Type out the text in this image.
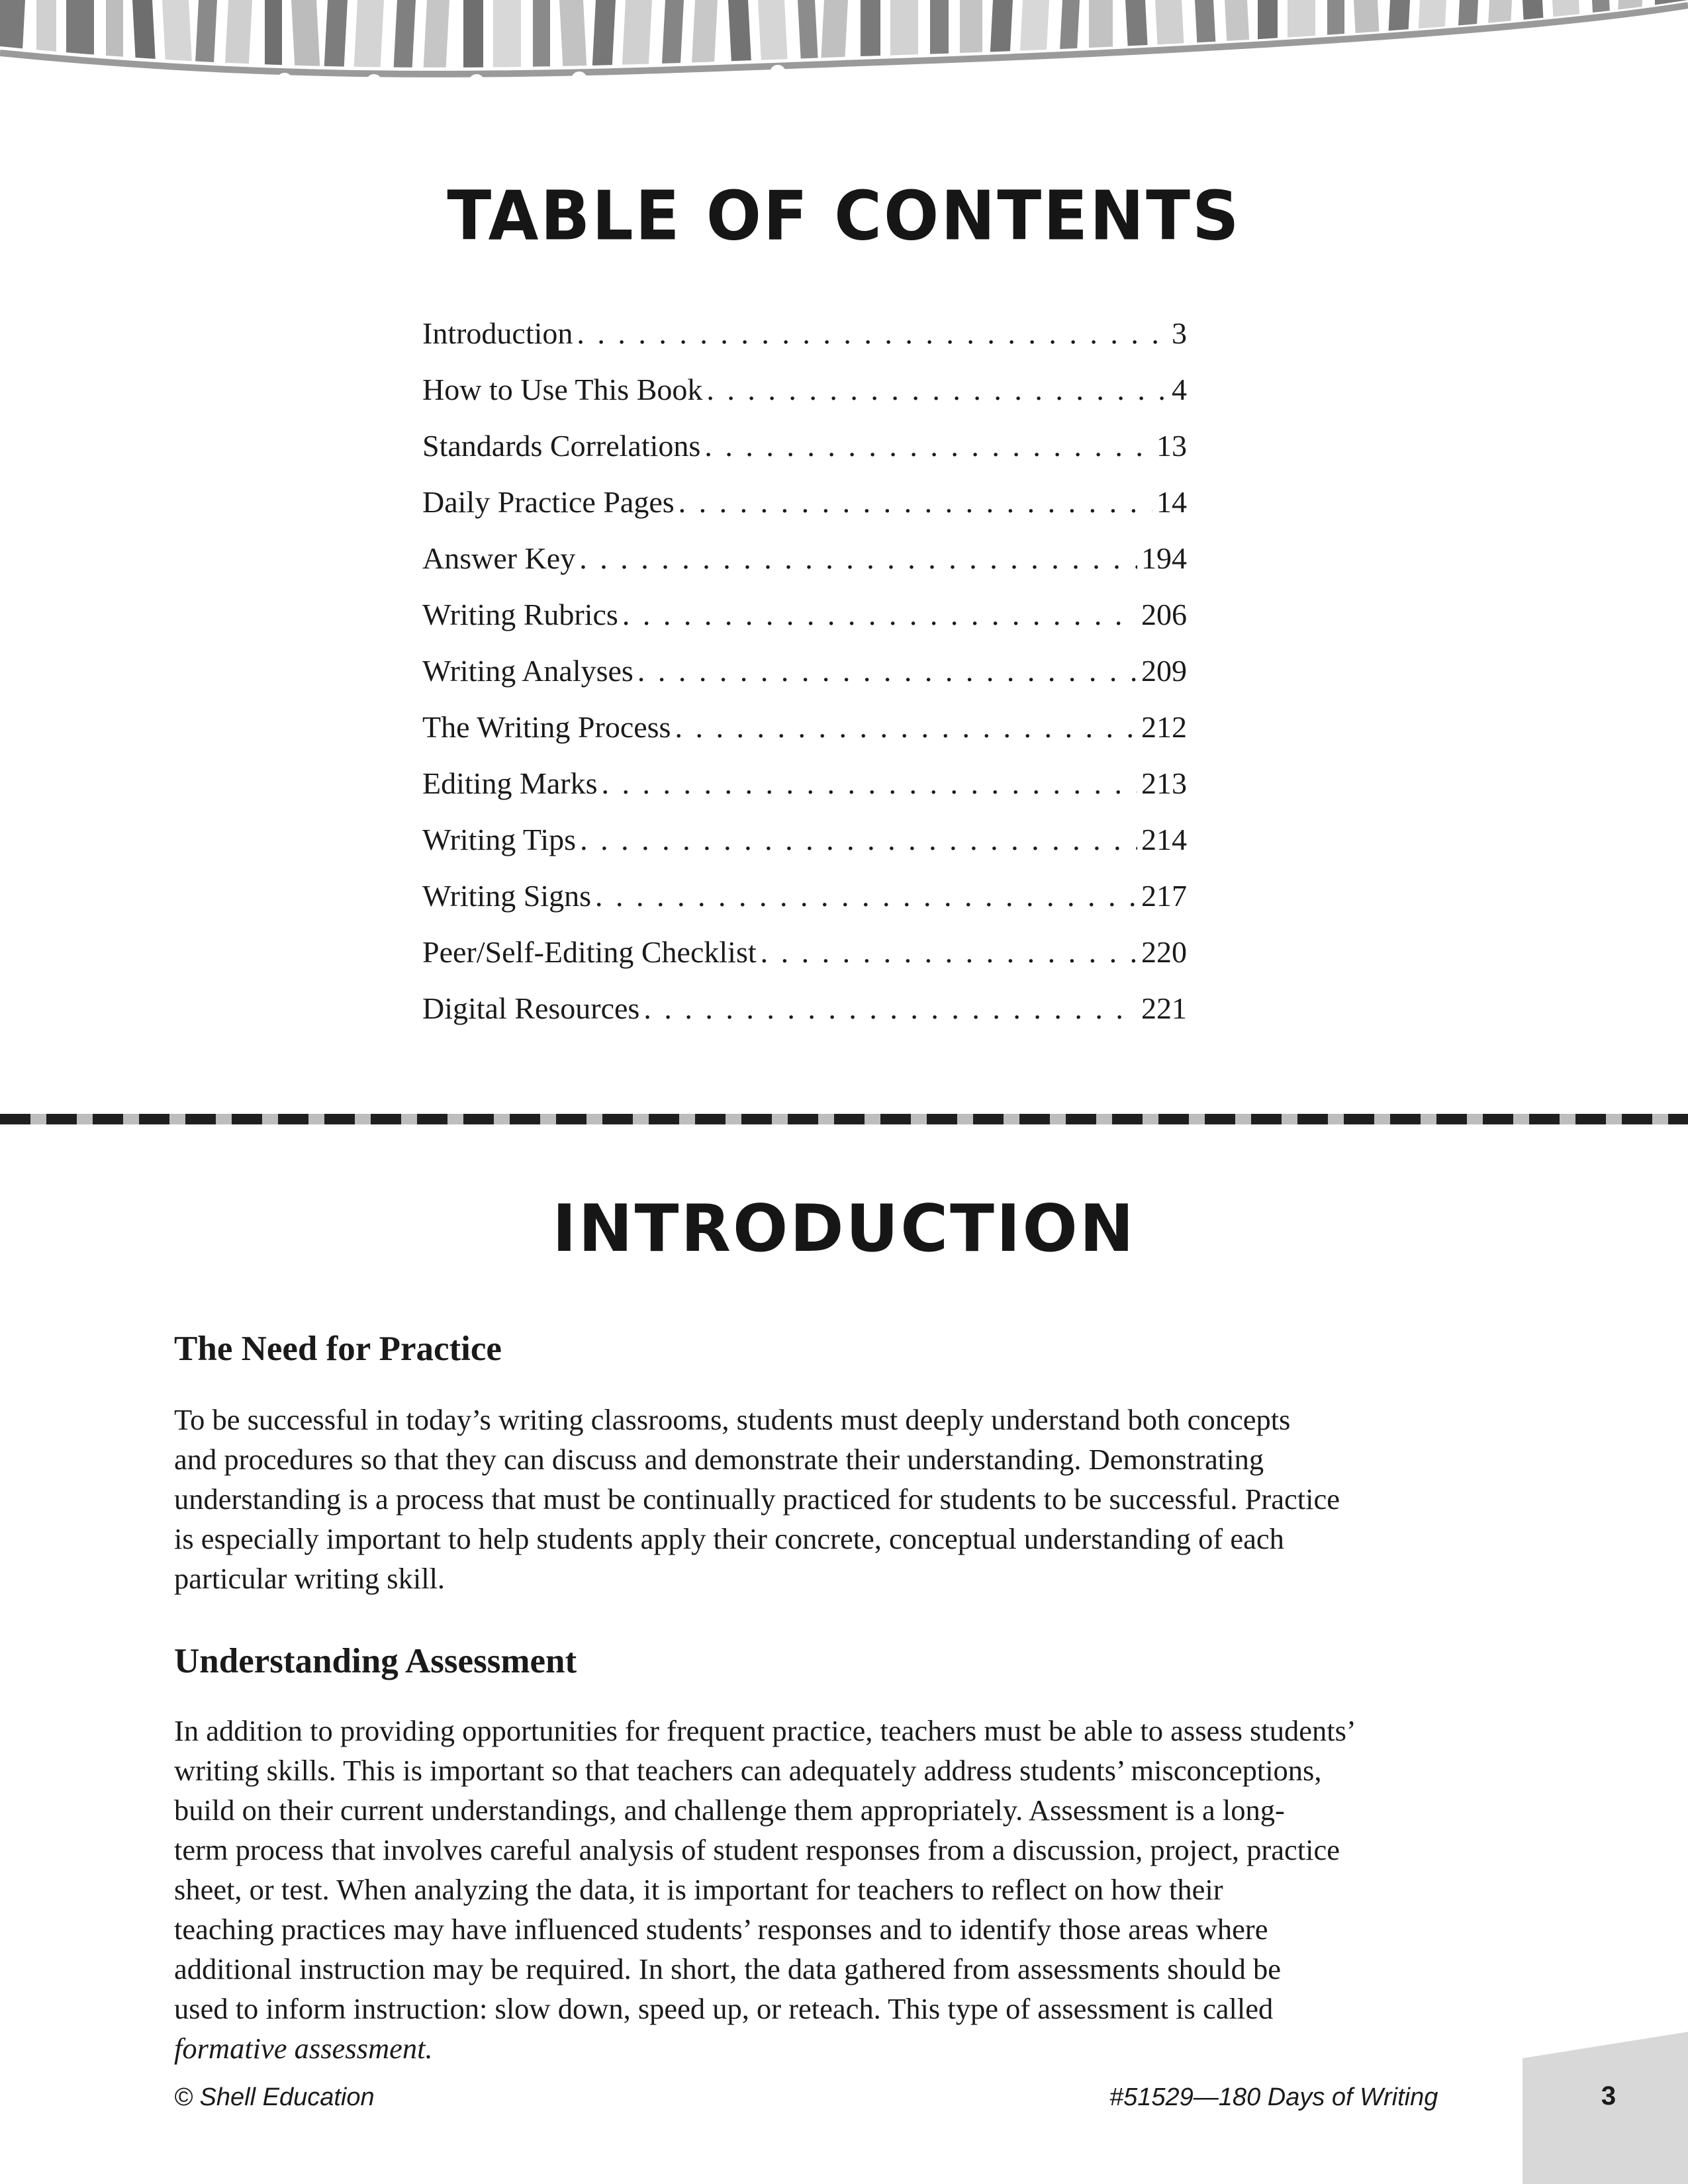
TABLE OF CONTENTS
Introduction . . .	3
How to Use This Book . . .	4
Standards Correlations . . .	13
Daily Practice Pages . . .	14
Answer Key . . .	194
Writing Rubrics . . .	206
Writing Analyses . . .	209
The Writing Process . . .	212
Editing Marks . . .	213
Writing Tips . . .	214
Writing Signs . . .	217
Peer/Self-Editing Checklist . . .	220
Digital Resources . . .	221
INTRODUCTION
The Need for Practice

To be successful in today’s writing classrooms, students must deeply understand both concepts
and procedures so that they can discuss and demonstrate their understanding. Demonstrating
understanding is a process that must be continually practiced for students to be successful. Practice
is especially important to help students apply their concrete, conceptual understanding of each
particular writing skill.

Understanding Assessment

In addition to providing opportunities for frequent practice, teachers must be able to assess students’
writing skills. This is important so that teachers can adequately address students’ misconceptions,
build on their current understandings, and challenge them appropriately. Assessment is a long-
term process that involves careful analysis of student responses from a discussion, project, practice
sheet, or test. When analyzing the data, it is important for teachers to reflect on how their
teaching practices may have influenced students’ responses and to identify those areas where
additional instruction may be required. In short, the data gathered from assessments should be
used to inform instruction: slow down, speed up, or reteach. This type of assessment is called
formative assessment.

© Shell Education	#51529—180 Days of Writing	3
